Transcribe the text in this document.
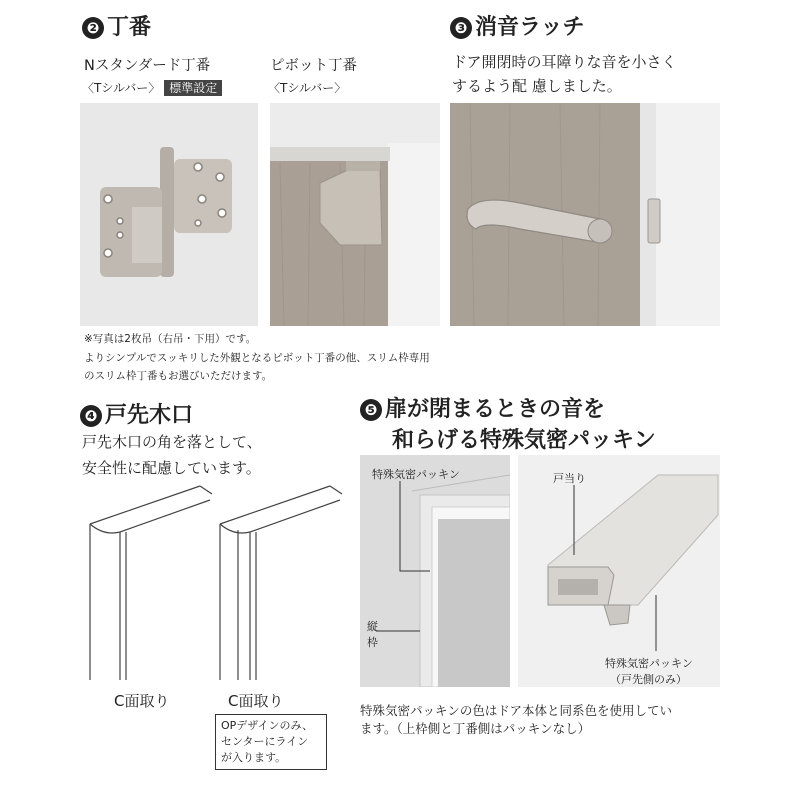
❷ 丁番
Nスタンダード丁番
〈Tシルバー〉 標準設定
ピボット丁番
〈Tシルバー〉
※写真は2枚吊（右吊・下用）です。
よりシンプルでスッキリした外観となるピボット丁番の他、スリム枠専用
のスリム枠丁番もお選びいただけます。
❸ 消音ラッチ
ドア開閉時の耳障りな音を小さく
するよう配 慮しました。
❹ 戸先木口
戸先木口の角を落として、
安全性に配慮しています。
C面取り	C面取り
OPデザインのみ、
センターにライン
が入ります。
❺ 扉が閉まるときの音を
和らげる特殊気密パッキン
特殊気密パッキン
縦
枠
戸当り
特殊気密パッキン
（戸先側のみ）
特殊気密パッキンの色はドア本体と同系色を使用してい
ます。（上枠側と丁番側はパッキンなし）
